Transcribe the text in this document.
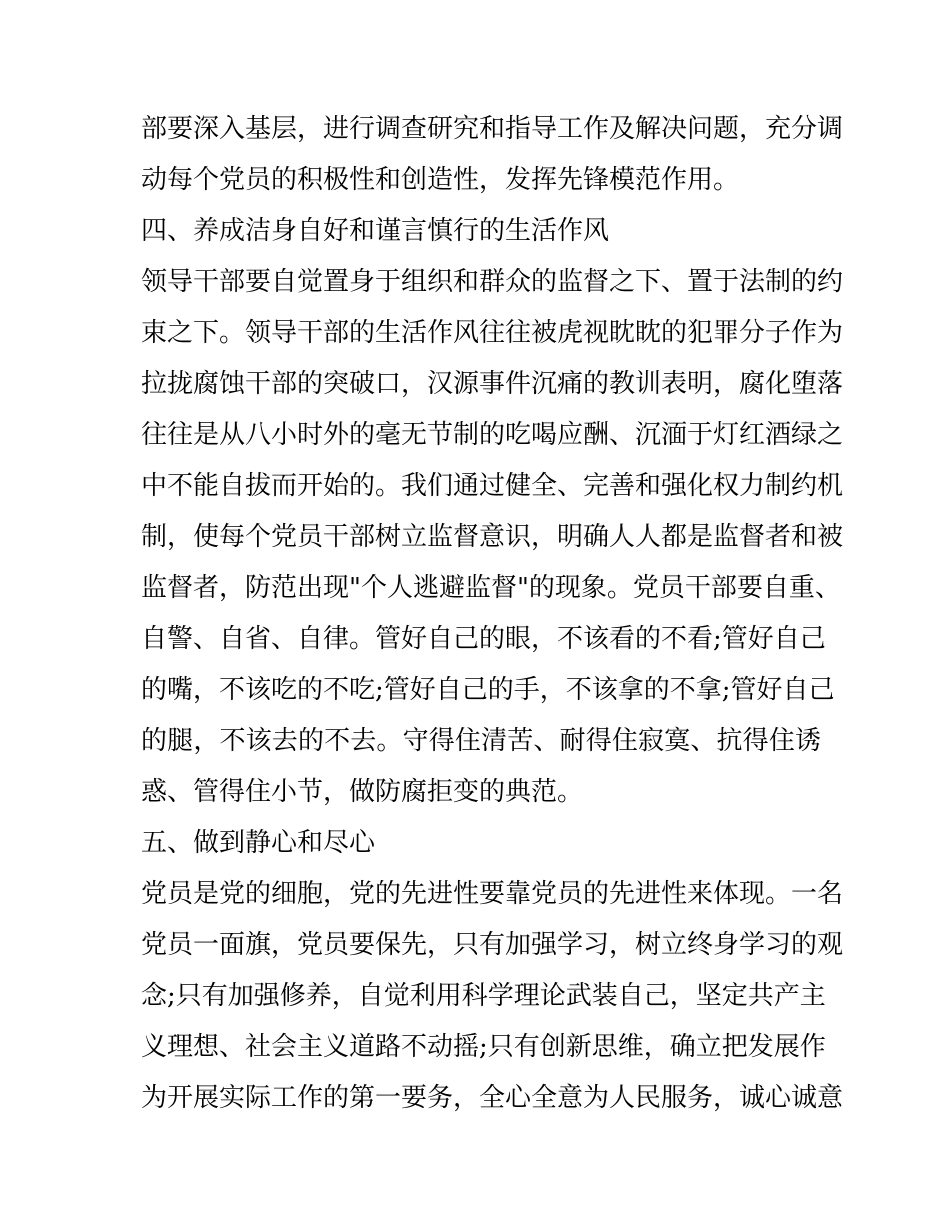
部要深入基层，进行调查研究和指导工作及解决问题，充分调
动每个党员的积极性和创造性，发挥先锋模范作用。
四、养成洁身自好和谨言慎行的生活作风
领导干部要自觉置身于组织和群众的监督之下、置于法制的约
束之下。领导干部的生活作风往往被虎视眈眈的犯罪分子作为
拉拢腐蚀干部的突破口，汉源事件沉痛的教训表明，腐化堕落
往往是从八小时外的毫无节制的吃喝应酬、沉湎于灯红酒绿之
中不能自拔而开始的。我们通过健全、完善和强化权力制约机
制，使每个党员干部树立监督意识，明确人人都是监督者和被
监督者，防范出现"个人逃避监督"的现象。党员干部要自重、
自警、自省、自律。管好自己的眼，不该看的不看;管好自己
的嘴，不该吃的不吃;管好自己的手，不该拿的不拿;管好自己
的腿，不该去的不去。守得住清苦、耐得住寂寞、抗得住诱
惑、管得住小节，做防腐拒变的典范。
五、做到静心和尽心
党员是党的细胞，党的先进性要靠党员的先进性来体现。一名
党员一面旗，党员要保先，只有加强学习，树立终身学习的观
念;只有加强修养，自觉利用科学理论武装自己，坚定共产主
义理想、社会主义道路不动摇;只有创新思维，确立把发展作
为开展实际工作的第一要务，全心全意为人民服务，诚心诚意
